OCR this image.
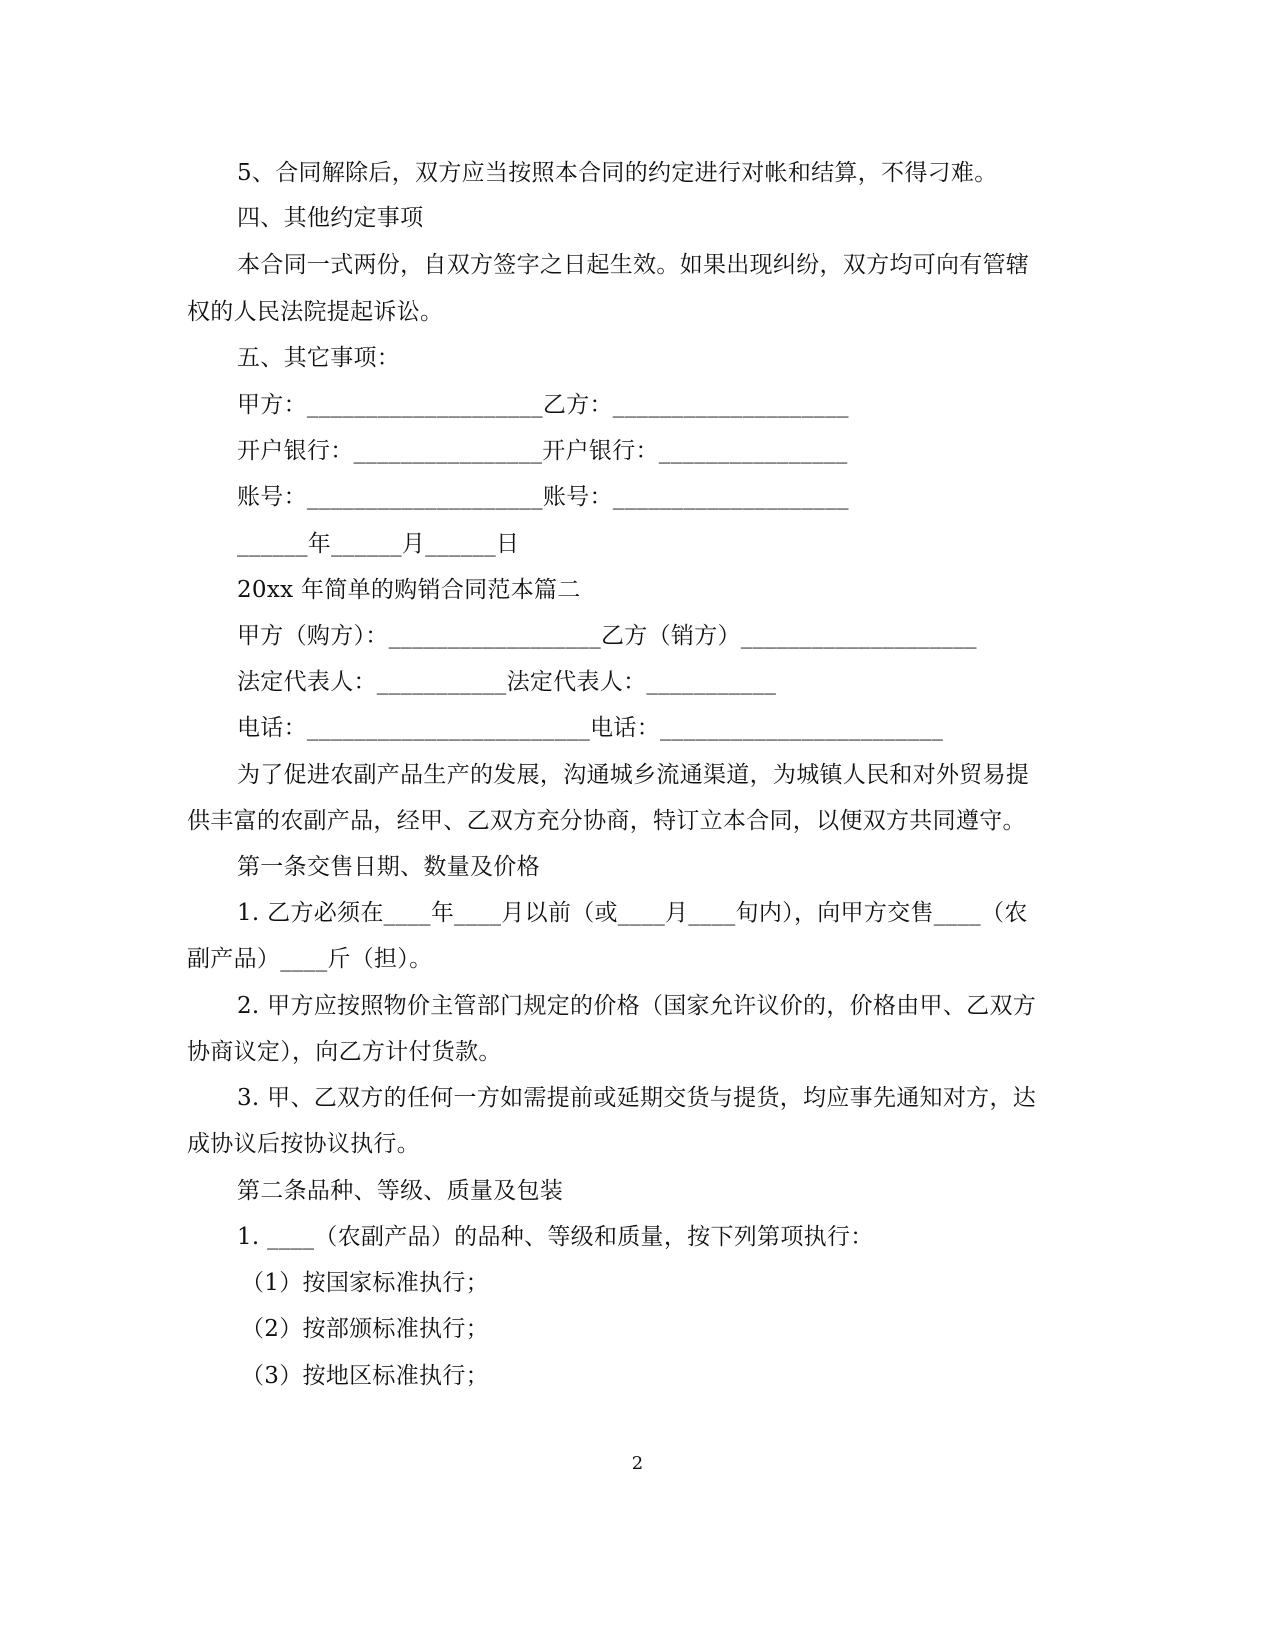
5、合同解除后，双方应当按照本合同的约定进行对帐和结算，不得刁难。
四、其他约定事项
本合同一式两份，自双方签字之日起生效。如果出现纠纷，双方均可向有管辖
权的人民法院提起诉讼。
五、其它事项：
甲方：____________________乙方：____________________
开户银行：________________开户银行：________________
账号：____________________账号：____________________
______年______月______日
20xx 年简单的购销合同范本篇二
甲方（购方）：__________________乙方（销方）____________________
法定代表人：___________法定代表人：___________
电话：________________________电话：________________________
为了促进农副产品生产的发展，沟通城乡流通渠道，为城镇人民和对外贸易提
供丰富的农副产品，经甲、乙双方充分协商，特订立本合同，以便双方共同遵守。
第一条交售日期、数量及价格
1. 乙方必须在____年____月以前（或____月____旬内），向甲方交售____（农
副产品）____斤（担）。
2. 甲方应按照物价主管部门规定的价格（国家允许议价的，价格由甲、乙双方
协商议定），向乙方计付货款。
3. 甲、乙双方的任何一方如需提前或延期交货与提货，均应事先通知对方，达
成协议后按协议执行。
第二条品种、等级、质量及包装
1. ____（农副产品）的品种、等级和质量，按下列第项执行：
（1）按国家标准执行；
（2）按部颁标准执行；
（3）按地区标准执行；
2
